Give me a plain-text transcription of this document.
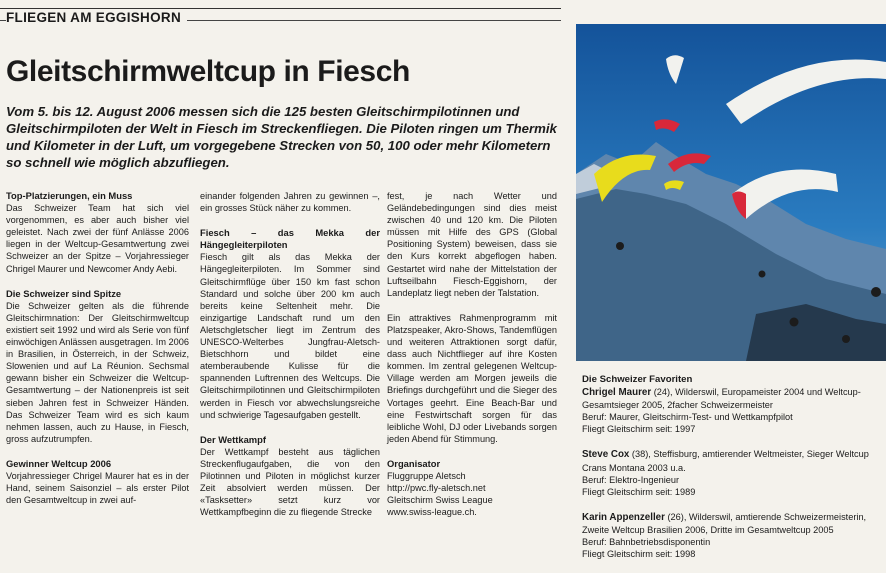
FLIEGEN AM EGGISHORN
Gleitschirmweltcup in Fiesch

Vom 5. bis 12. August 2006 messen sich die 125 besten Gleitschirmpilotinnen und Gleitschirmpiloten der Welt in Fiesch im Streckenfliegen. Die Piloten ringen um Thermik und Kilometer in der Luft, um vorgegebene Strecken von 50, 100 oder mehr Kilometern so schnell wie möglich abzufliegen.

Top-Platzierungen, ein Muss

Das Schweizer Team hat sich viel vorgenommen, es aber auch bisher viel geleistet. Nach zwei der fünf Anlässe 2006 liegen in der Weltcup-Gesamtwertung zwei Schweizer an der Spitze – Vorjahressieger Chrigel Maurer und Newcomer Andy Aebi.

Die Schweizer sind Spitze

Die Schweizer gelten als die führende Gleitschirmnation: Der Gleitschirmweltcup existiert seit 1992 und wird als Serie von fünf einwöchigen Anlässen ausgetragen. Im 2006 in Brasilien, in Österreich, in der Schweiz, Slowenien und auf La Réunion. Sechsmal gewann bisher ein Schweizer die Weltcup-Gesamtwertung – der Nationenpreis ist seit sieben Jahren fest in Schweizer Händen. Das Schweizer Team wird es sich kaum nehmen lassen, auch zu Hause, in Fiesch, gross aufzutrumpfen.

Gewinner Weltcup 2006

Vorjahressieger Chrigel Maurer hat es in der Hand, seinem Saisonziel – als erster Pilot den Gesamtweltcup in zwei auf-

einander folgenden Jahren zu gewinnen –, ein grosses Stück näher zu kommen.

Fiesch – das Mekka der Hängegleiterpiloten

Fiesch gilt als das Mekka der Hängegleiterpiloten. Im Sommer sind Gleitschirmflüge über 150 km fast schon Standard und solche über 200 km auch bereits keine Seltenheit mehr. Die einzigartige Landschaft rund um den Aletschgletscher liegt im Zentrum des UNESCO-Welterbes Jungfrau-Aletsch-Bietschhorn und bildet eine atemberaubende Kulisse für die spannenden Luftrennen des Weltcups. Die Gleitschirmpilotinnen und Gleitschirmpiloten werden in Fiesch vor abwechslungsreiche und schwierige Tagesaufgaben gestellt.

Der Wettkampf

Der Wettkampf besteht aus täglichen Streckenflugaufgaben, die von den Pilotinnen und Piloten in möglichst kurzer Zeit absolviert werden müssen. Der «Tasksetter» setzt kurz vor Wettkampfbeginn die zu fliegende Strecke

fest, je nach Wetter und Geländebedingungen sind dies meist zwischen 40 und 120 km. Die Piloten müssen mit Hilfe des GPS (Global Positioning System) beweisen, dass sie den Kurs korrekt abgeflogen haben. Gestartet wird nahe der Mittelstation der Luftseilbahn Fiesch-Eggishorn, der Landeplatz liegt neben der Talstation.

Ein attraktives Rahmenprogramm mit Platzspeaker, Akro-Shows, Tandemflügen und weiteren Attraktionen sorgt dafür, dass auch Nichtflieger auf ihre Kosten kommen. Im zentral gelegenen Weltcup-Village werden am Morgen jeweils die Briefings durchgeführt und die Sieger des Vortages geehrt. Eine Beach-Bar und eine Festwirtschaft sorgen für das leibliche Wohl, DJ oder Livebands sorgen jeden Abend für Stimmung.

Organisator
Fluggruppe Aletsch
http://pwc.fly-aletsch.net
Gleitschirm Swiss League
www.swiss-league.ch.
Die Schweizer Favoriten
Chrigel Maurer (24), Wilderswil, Europameister 2004 und Weltcup-Gesamtsieger 2005, 2facher Schweizermeister
Beruf: Maurer, Gleitschirm-Test- und Wettkampfpilot
Fliegt Gleitschirm seit: 1997
Steve Cox (38), Steffisburg, amtierender Weltmeister, Sieger Weltcup Crans Montana 2003 u.a.
Beruf: Elektro-Ingenieur
Fliegt Gleitschirm seit: 1989
Karin Appenzeller (26), Wilderswil, amtierende Schweizermeisterin, Zweite Weltcup Brasilien 2006, Dritte im Gesamtweltcup 2005
Beruf: Bahnbetriebsdisponentin
Fliegt Gleitschirm seit: 1998
